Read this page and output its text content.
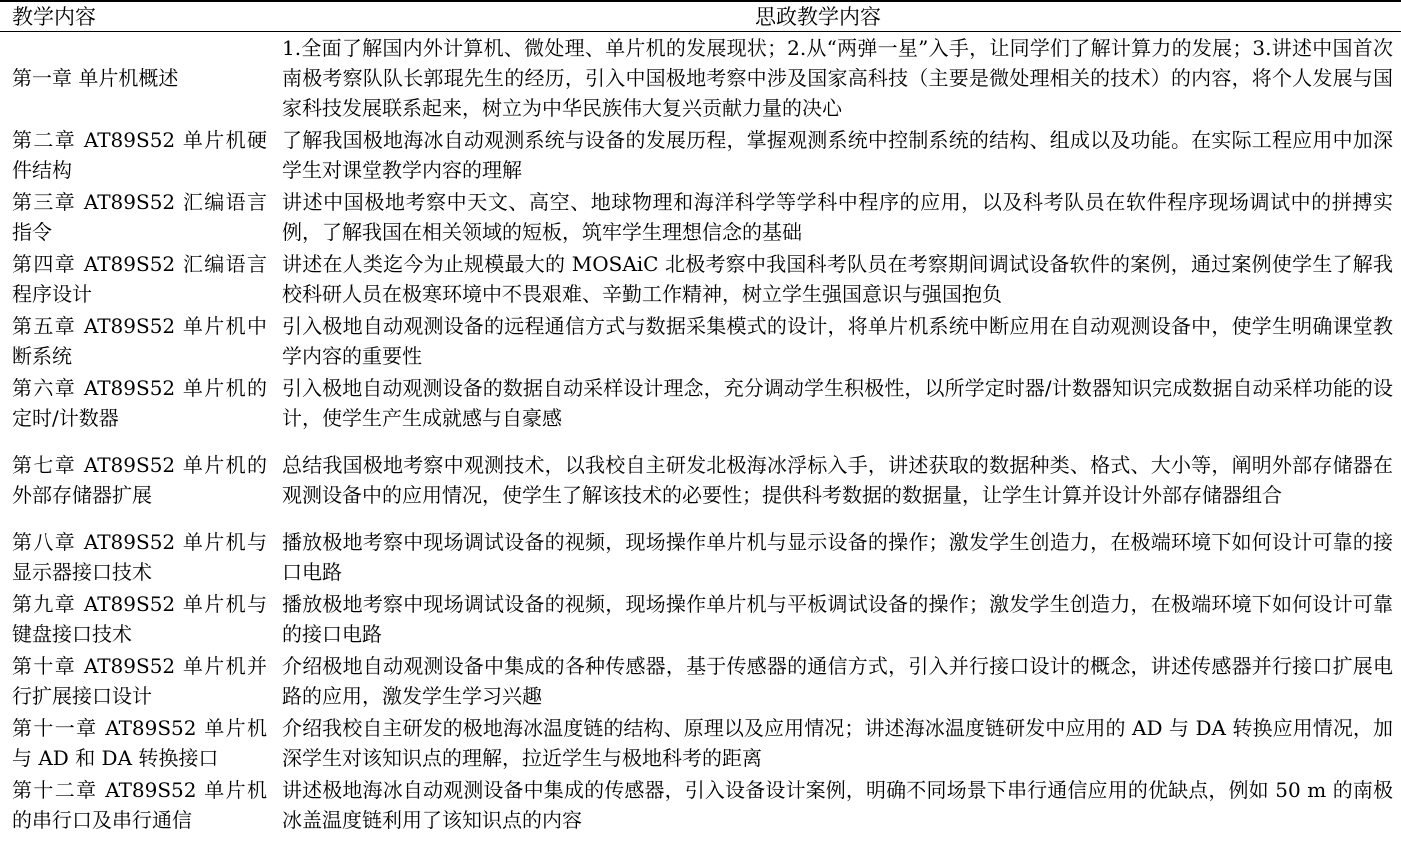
教学内容	思政教学内容
第一章 单片机概述
1.全面了解国内外计算机、微处理、单片机的发展现状；2.从“两弹一星”入手，让同学们了解计算力的发展；3.讲述中国首次南极考察队队长郭琨先生的经历，引入中国极地考察中涉及国家高科技（主要是微处理相关的技术）的内容，将个人发展与国家科技发展联系起来，树立为中华民族伟大复兴贡献力量的决心
第二章 AT89S52 单片机硬件结构
了解我国极地海冰自动观测系统与设备的发展历程，掌握观测系统中控制系统的结构、组成以及功能。在实际工程应用中加深学生对课堂教学内容的理解
第三章 AT89S52 汇编语言指令
讲述中国极地考察中天文、高空、地球物理和海洋科学等学科中程序的应用，以及科考队员在软件程序现场调试中的拼搏实例，了解我国在相关领域的短板，筑牢学生理想信念的基础
第四章 AT89S52 汇编语言程序设计
讲述在人类迄今为止规模最大的 MOSAiC 北极考察中我国科考队员在考察期间调试设备软件的案例，通过案例使学生了解我校科研人员在极寒环境中不畏艰难、辛勤工作精神，树立学生强国意识与强国抱负
第五章 AT89S52 单片机中断系统
引入极地自动观测设备的远程通信方式与数据采集模式的设计，将单片机系统中断应用在自动观测设备中，使学生明确课堂教学内容的重要性
第六章 AT89S52 单片机的定时/计数器
引入极地自动观测设备的数据自动采样设计理念，充分调动学生积极性，以所学定时器/计数器知识完成数据自动采样功能的设计，使学生产生成就感与自豪感
第七章 AT89S52 单片机的外部存储器扩展
总结我国极地考察中观测技术，以我校自主研发北极海冰浮标入手，讲述获取的数据种类、格式、大小等，阐明外部存储器在观测设备中的应用情况，使学生了解该技术的必要性；提供科考数据的数据量，让学生计算并设计外部存储器组合
第八章 AT89S52 单片机与显示器接口技术
播放极地考察中现场调试设备的视频，现场操作单片机与显示设备的操作；激发学生创造力，在极端环境下如何设计可靠的接口电路
第九章 AT89S52 单片机与键盘接口技术
播放极地考察中现场调试设备的视频，现场操作单片机与平板调试设备的操作；激发学生创造力，在极端环境下如何设计可靠的接口电路
第十章 AT89S52 单片机并行扩展接口设计
介绍极地自动观测设备中集成的各种传感器，基于传感器的通信方式，引入并行接口设计的概念，讲述传感器并行接口扩展电路的应用，激发学生学习兴趣
第十一章 AT89S52 单片机与 AD 和 DA 转换接口
介绍我校自主研发的极地海冰温度链的结构、原理以及应用情况；讲述海冰温度链研发中应用的 AD 与 DA 转换应用情况，加深学生对该知识点的理解，拉近学生与极地科考的距离
第十二章 AT89S52 单片机的串行口及串行通信
讲述极地海冰自动观测设备中集成的传感器，引入设备设计案例，明确不同场景下串行通信应用的优缺点，例如 50 m 的南极冰盖温度链利用了该知识点的内容
